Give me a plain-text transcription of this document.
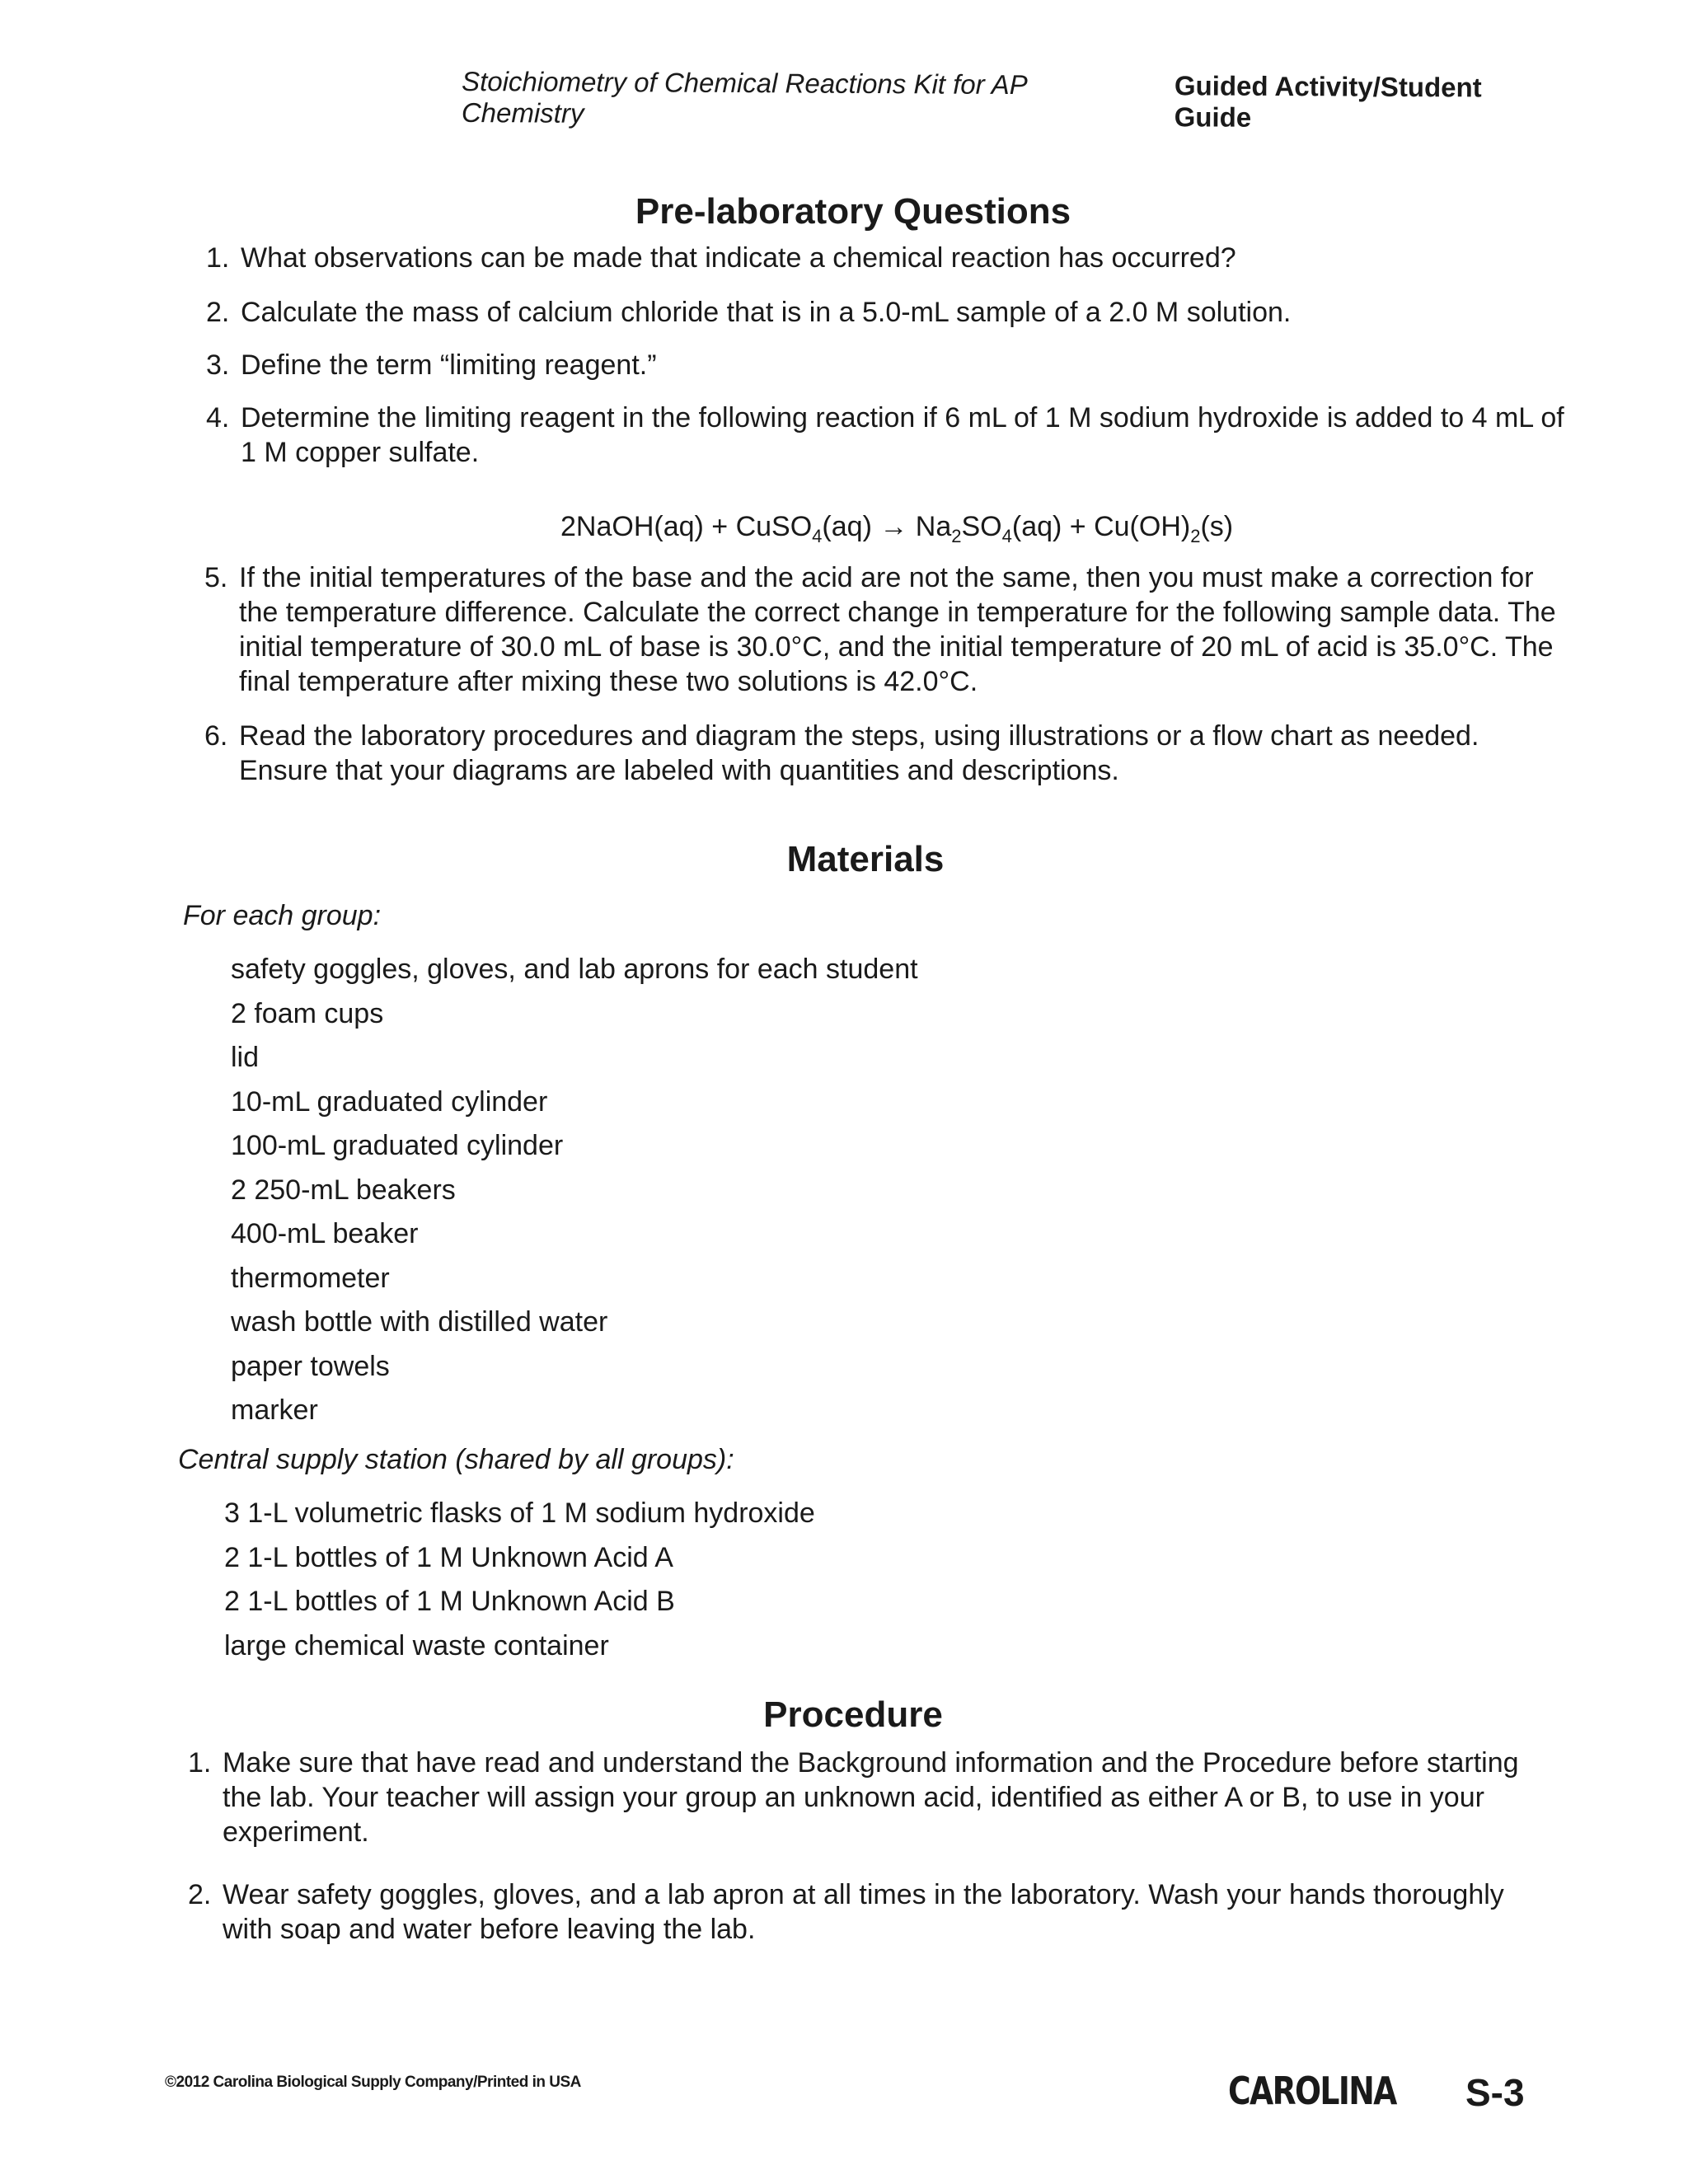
Stoichiometry of Chemical Reactions Kit for AP Chemistry
Guided Activity/Student Guide
Pre-laboratory Questions
1. What observations can be made that indicate a chemical reaction has occurred?
2. Calculate the mass of calcium chloride that is in a 5.0-mL sample of a 2.0 M solution.
3. Define the term “limiting reagent.”
4. Determine the limiting reagent in the following reaction if 6 mL of 1 M sodium hydroxide is added to 4 mL of 1 M copper sulfate.
2NaOH(aq) + CuSO$_4$(aq) → $Na_2SO_4(aq) + Cu(OH)_2(s)$
5. If the initial temperatures of the base and the acid are not the same, then you must make a correction for the temperature difference. Calculate the correct change in temperature for the following sample data. The initial temperature of 30.0 mL of base is 30.0°C, and the initial temperature of 20 mL of acid is 35.0°C. The final temperature after mixing these two solutions is 42.0°C.
6. Read the laboratory procedures and diagram the steps, using illustrations or a flow chart as needed. Ensure that your diagrams are labeled with quantities and descriptions.
Materials
For each group:
safety goggles, gloves, and lab aprons for each student
2 foam cups
lid
10-mL graduated cylinder
100-mL graduated cylinder
2 250-mL beakers
400-mL beaker
thermometer
wash bottle with distilled water
paper towels
marker
Central supply station (shared by all groups):
3 1-L volumetric flasks of 1 M sodium hydroxide
2 1-L bottles of 1 M Unknown Acid A
2 1-L bottles of 1 M Unknown Acid B
large chemical waste container
Procedure
1. Make sure that have read and understand the Background information and the Procedure before starting the lab. Your teacher will assign your group an unknown acid, identified as either A or B, to use in your experiment.
2. Wear safety goggles, gloves, and a lab apron at all times in the laboratory. Wash your hands thoroughly with soap and water before leaving the lab.
©2012 Carolina Biological Supply Company/Printed in USA	CAROLINA S-3
